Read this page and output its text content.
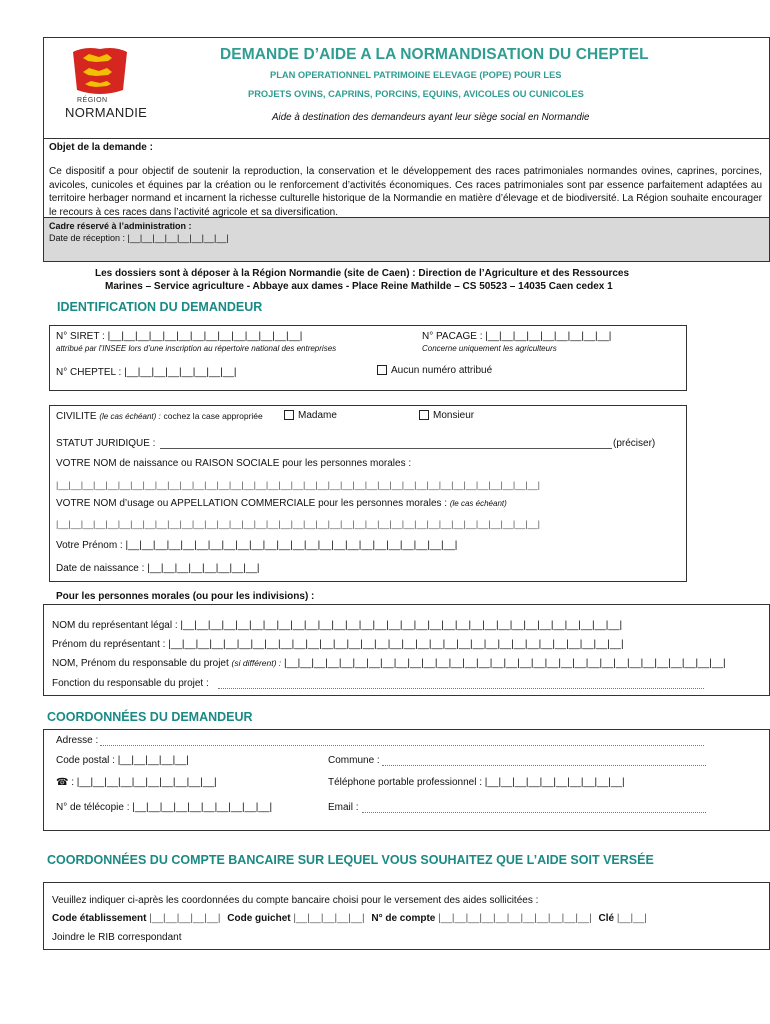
RÉGION
NORMANDIE
DEMANDE D’AIDE A LA NORMANDISATION DU CHEPTEL
PLAN OPERATIONNEL PATRIMOINE ELEVAGE (POPE) POUR LES
PROJETS OVINS, CAPRINS, PORCINS, EQUINS, AVICOLES OU CUNICOLES
Aide à destination des demandeurs ayant leur siège social en Normandie
Objet de la demande :
Ce dispositif a pour objectif de soutenir la reproduction, la conservation et le développement des races patrimoniales normandes ovines, caprines, porcines, avicoles, cunicoles et équines par la création ou le renforcement d’activités économiques. Ces races patrimoniales sont par essence parfaitement adaptées au territoire herbager normand et incarnent la richesse culturelle historique de la Normandie en matière d’élevage et de biodiversité. La Région souhaite encourager le recours à ces races dans l’activité agricole et sa diversification.
Cadre réservé à l’administration :
Date de réception : |__|__|__|__|__|__|__|__|
Les dossiers sont à déposer à la Région Normandie (site de Caen) : Direction de l’Agriculture et des Ressources
Marines – Service agriculture - Abbaye aux dames - Place Reine Mathilde – CS 50523 – 14035 Caen cedex 1
IDENTIFICATION DU DEMANDEUR
N° SIRET : |__|__|__|__|__|__|__|__|__|__|__|__|__|__|
attribué par l’INSEE lors d’une inscription au répertoire national des entreprises
N° PACAGE : |__|__|__|__|__|__|__|__|__|
Concerne uniquement les agriculteurs
N° CHEPTEL : |__|__|__|__|__|__|__|__|	Aucun numéro attribué
CIVILITE (le cas échéant) : cochez la case appropriée	Madame	Monsieur
STATUT JURIDIQUE :	(préciser)
VOTRE NOM de naissance ou RAISON SOCIALE pour les personnes morales :
|__|__|__|__|__|__|__|__|__|__|__|__|__|__|__|__|__|__|__|__|__|__|__|__|__|__|__|__|__|__|__|__|__|__|__|__|__|__|__|
VOTRE NOM d’usage ou APPELLATION COMMERCIALE pour les personnes morales : (le cas échéant)
|__|__|__|__|__|__|__|__|__|__|__|__|__|__|__|__|__|__|__|__|__|__|__|__|__|__|__|__|__|__|__|__|__|__|__|__|__|__|__|
Votre Prénom : |__|__|__|__|__|__|__|__|__|__|__|__|__|__|__|__|__|__|__|__|__|__|__|__|
Date de naissance : |__|__|__|__|__|__|__|__|
Pour les personnes morales (ou pour les indivisions) :
NOM du représentant légal : |__|__|__|__|__|__|__|__|__|__|__|__|__|__|__|__|__|__|__|__|__|__|__|__|__|__|__|__|__|__|__|__|
Prénom du représentant : |__|__|__|__|__|__|__|__|__|__|__|__|__|__|__|__|__|__|__|__|__|__|__|__|__|__|__|__|__|__|__|__|__|
NOM, Prénom du responsable du projet (si différent) : |__|__|__|__|__|__|__|__|__|__|__|__|__|__|__|__|__|__|__|__|__|__|__|__|__|__|__|__|__|__|__|__|
Fonction du responsable du projet :
COORDONNÉES DU DEMANDEUR
Adresse :
Code postal : |__|__|__|__|__|	Commune :
☎ : |__|__|__|__|__|__|__|__|__|__|	Téléphone portable professionnel : |__|__|__|__|__|__|__|__|__|__|
N° de télécopie : |__|__|__|__|__|__|__|__|__|__|	Email :
COORDONNÉES DU COMPTE BANCAIRE SUR LEQUEL VOUS SOUHAITEZ QUE L’AIDE SOIT VERSÉE
Veuillez indiquer ci-après les coordonnées du compte bancaire choisi pour le versement des aides sollicitées :
Code établissement |__|__|__|__|__| Code guichet |__|__|__|__|__| N° de compte |__|__|__|__|__|__|__|__|__|__|__| Clé |__|__|
Joindre le RIB correspondant
